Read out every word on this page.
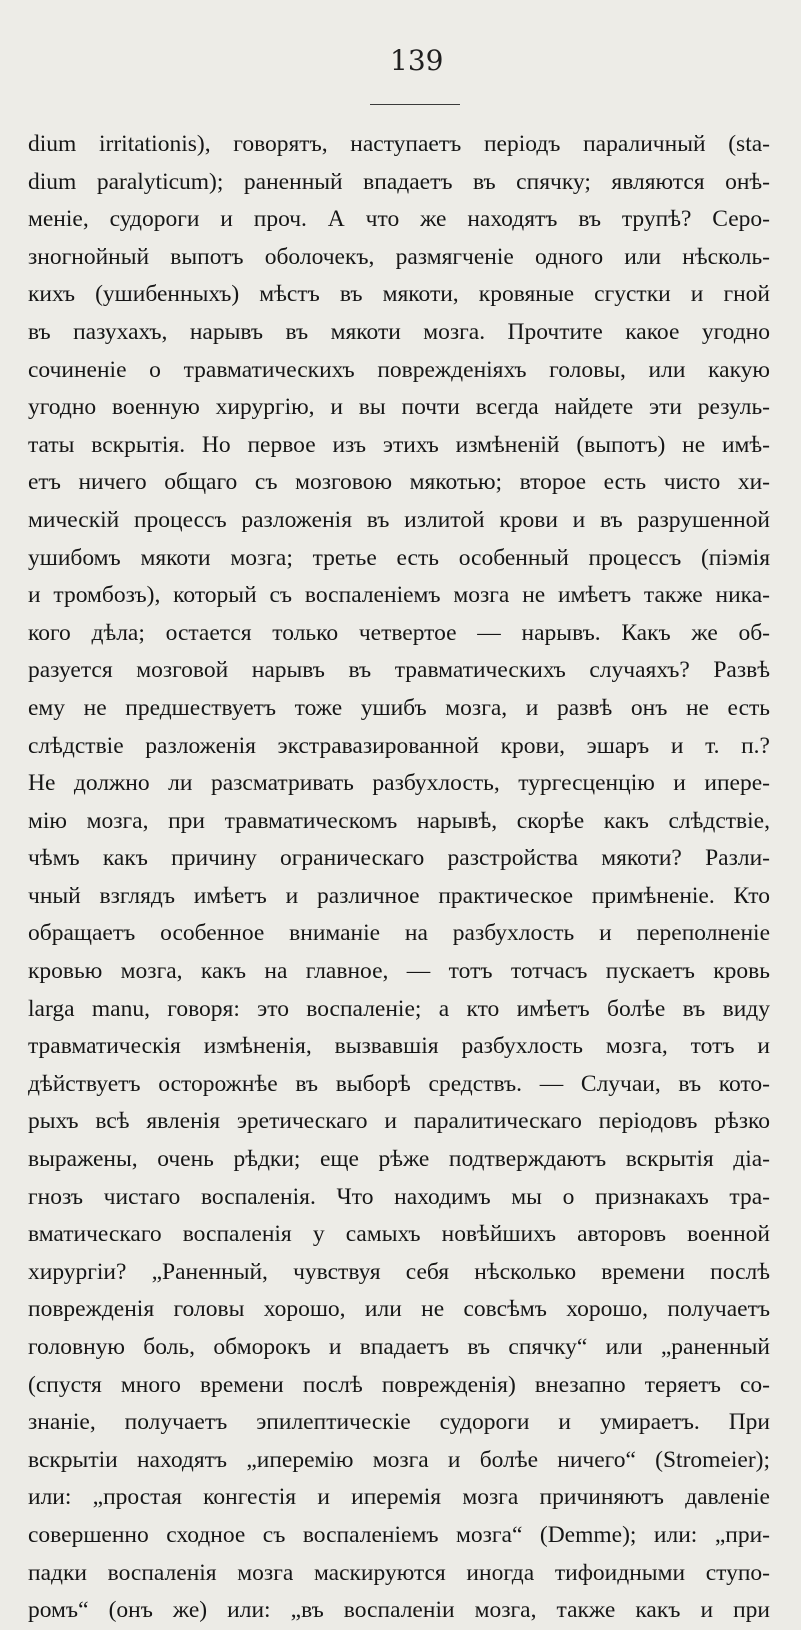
139
dium irritationis), говорятъ, наступаетъ періодъ параличный (sta-
dium paralyticum); раненный впадаетъ въ спячку; являются онѣ-
меніе, судороги и проч. А что же находятъ въ трупѣ? Серо-
зногнойный выпотъ оболочекъ, размягченіе одного или нѣсколь-
кихъ (ушибенныхъ) мѣстъ въ мякоти, кровяные сгустки и гной
въ пазухахъ, нарывъ въ мякоти мозга. Прочтите какое угодно
сочиненіе о травматическихъ поврежденіяхъ головы, или какую
угодно военную хирургію, и вы почти всегда найдете эти резуль-
таты вскрытія. Но первое изъ этихъ измѣненій (выпотъ) не имѣ-
етъ ничего общаго съ мозговою мякотью; второе есть чисто хи-
мическій процессъ разложенія въ излитой крови и въ разрушенной
ушибомъ мякоти мозга; третье есть особенный процессъ (піэмія
и тромбозъ), который съ воспаленіемъ мозга не имѣетъ также ника-
кого дѣла; остается только четвертое — нарывъ. Какъ же об-
разуется мозговой нарывъ въ травматическихъ случаяхъ? Развѣ
ему не предшествуетъ тоже ушибъ мозга, и развѣ онъ не есть
слѣдствіе разложенія экстравазированной крови, эшаръ и т. п.?
Не должно ли разсматривать разбухлость, тургесценцію и ипере-
мію мозга, при травматическомъ нарывѣ, скорѣе какъ слѣдствіе,
чѣмъ какъ причину ограническаго разстройства мякоти? Разли-
чный взглядъ имѣетъ и различное практическое примѣненіе. Кто
обращаетъ особенное вниманіе на разбухлость и переполненіе
кровью мозга, какъ на главное, — тотъ тотчасъ пускаетъ кровь
larga manu, говоря: это воспаленіе; а кто имѣетъ болѣе въ виду
травматическія измѣненія, вызвавшія разбухлость мозга, тотъ и
дѣйствуетъ осторожнѣе въ выборѣ средствъ. — Случаи, въ кото-
рыхъ всѣ явленія эретическаго и паралитическаго періодовъ рѣзко
выражены, очень рѣдки; еще рѣже подтверждаютъ вскрытія діа-
гнозъ чистаго воспаленія. Что находимъ мы о признакахъ тра-
вматическаго воспаленія у самыхъ новѣйшихъ авторовъ военной
хирургіи? „Раненный, чувствуя себя нѣсколько времени послѣ
поврежденія головы хорошо, или не совсѣмъ хорошо, получаетъ
головную боль, обморокъ и впадаетъ въ спячку“ или „раненный
(спустя много времени послѣ поврежденія) внезапно теряетъ со-
знаніе, получаетъ эпилептическіе судороги и умираетъ. При
вскрытіи находятъ „иперемію мозга и болѣе ничего“ (Stromeier);
или: „простая конгестія и иперемія мозга причиняютъ давленіе
совершенно сходное съ воспаленіемъ мозга“ (Demme); или: „при-
падки воспаленія мозга маскируются иногда тифоидными ступо-
ромъ“ (онъ же) или: „въ воспаленіи мозга, также какъ и при
